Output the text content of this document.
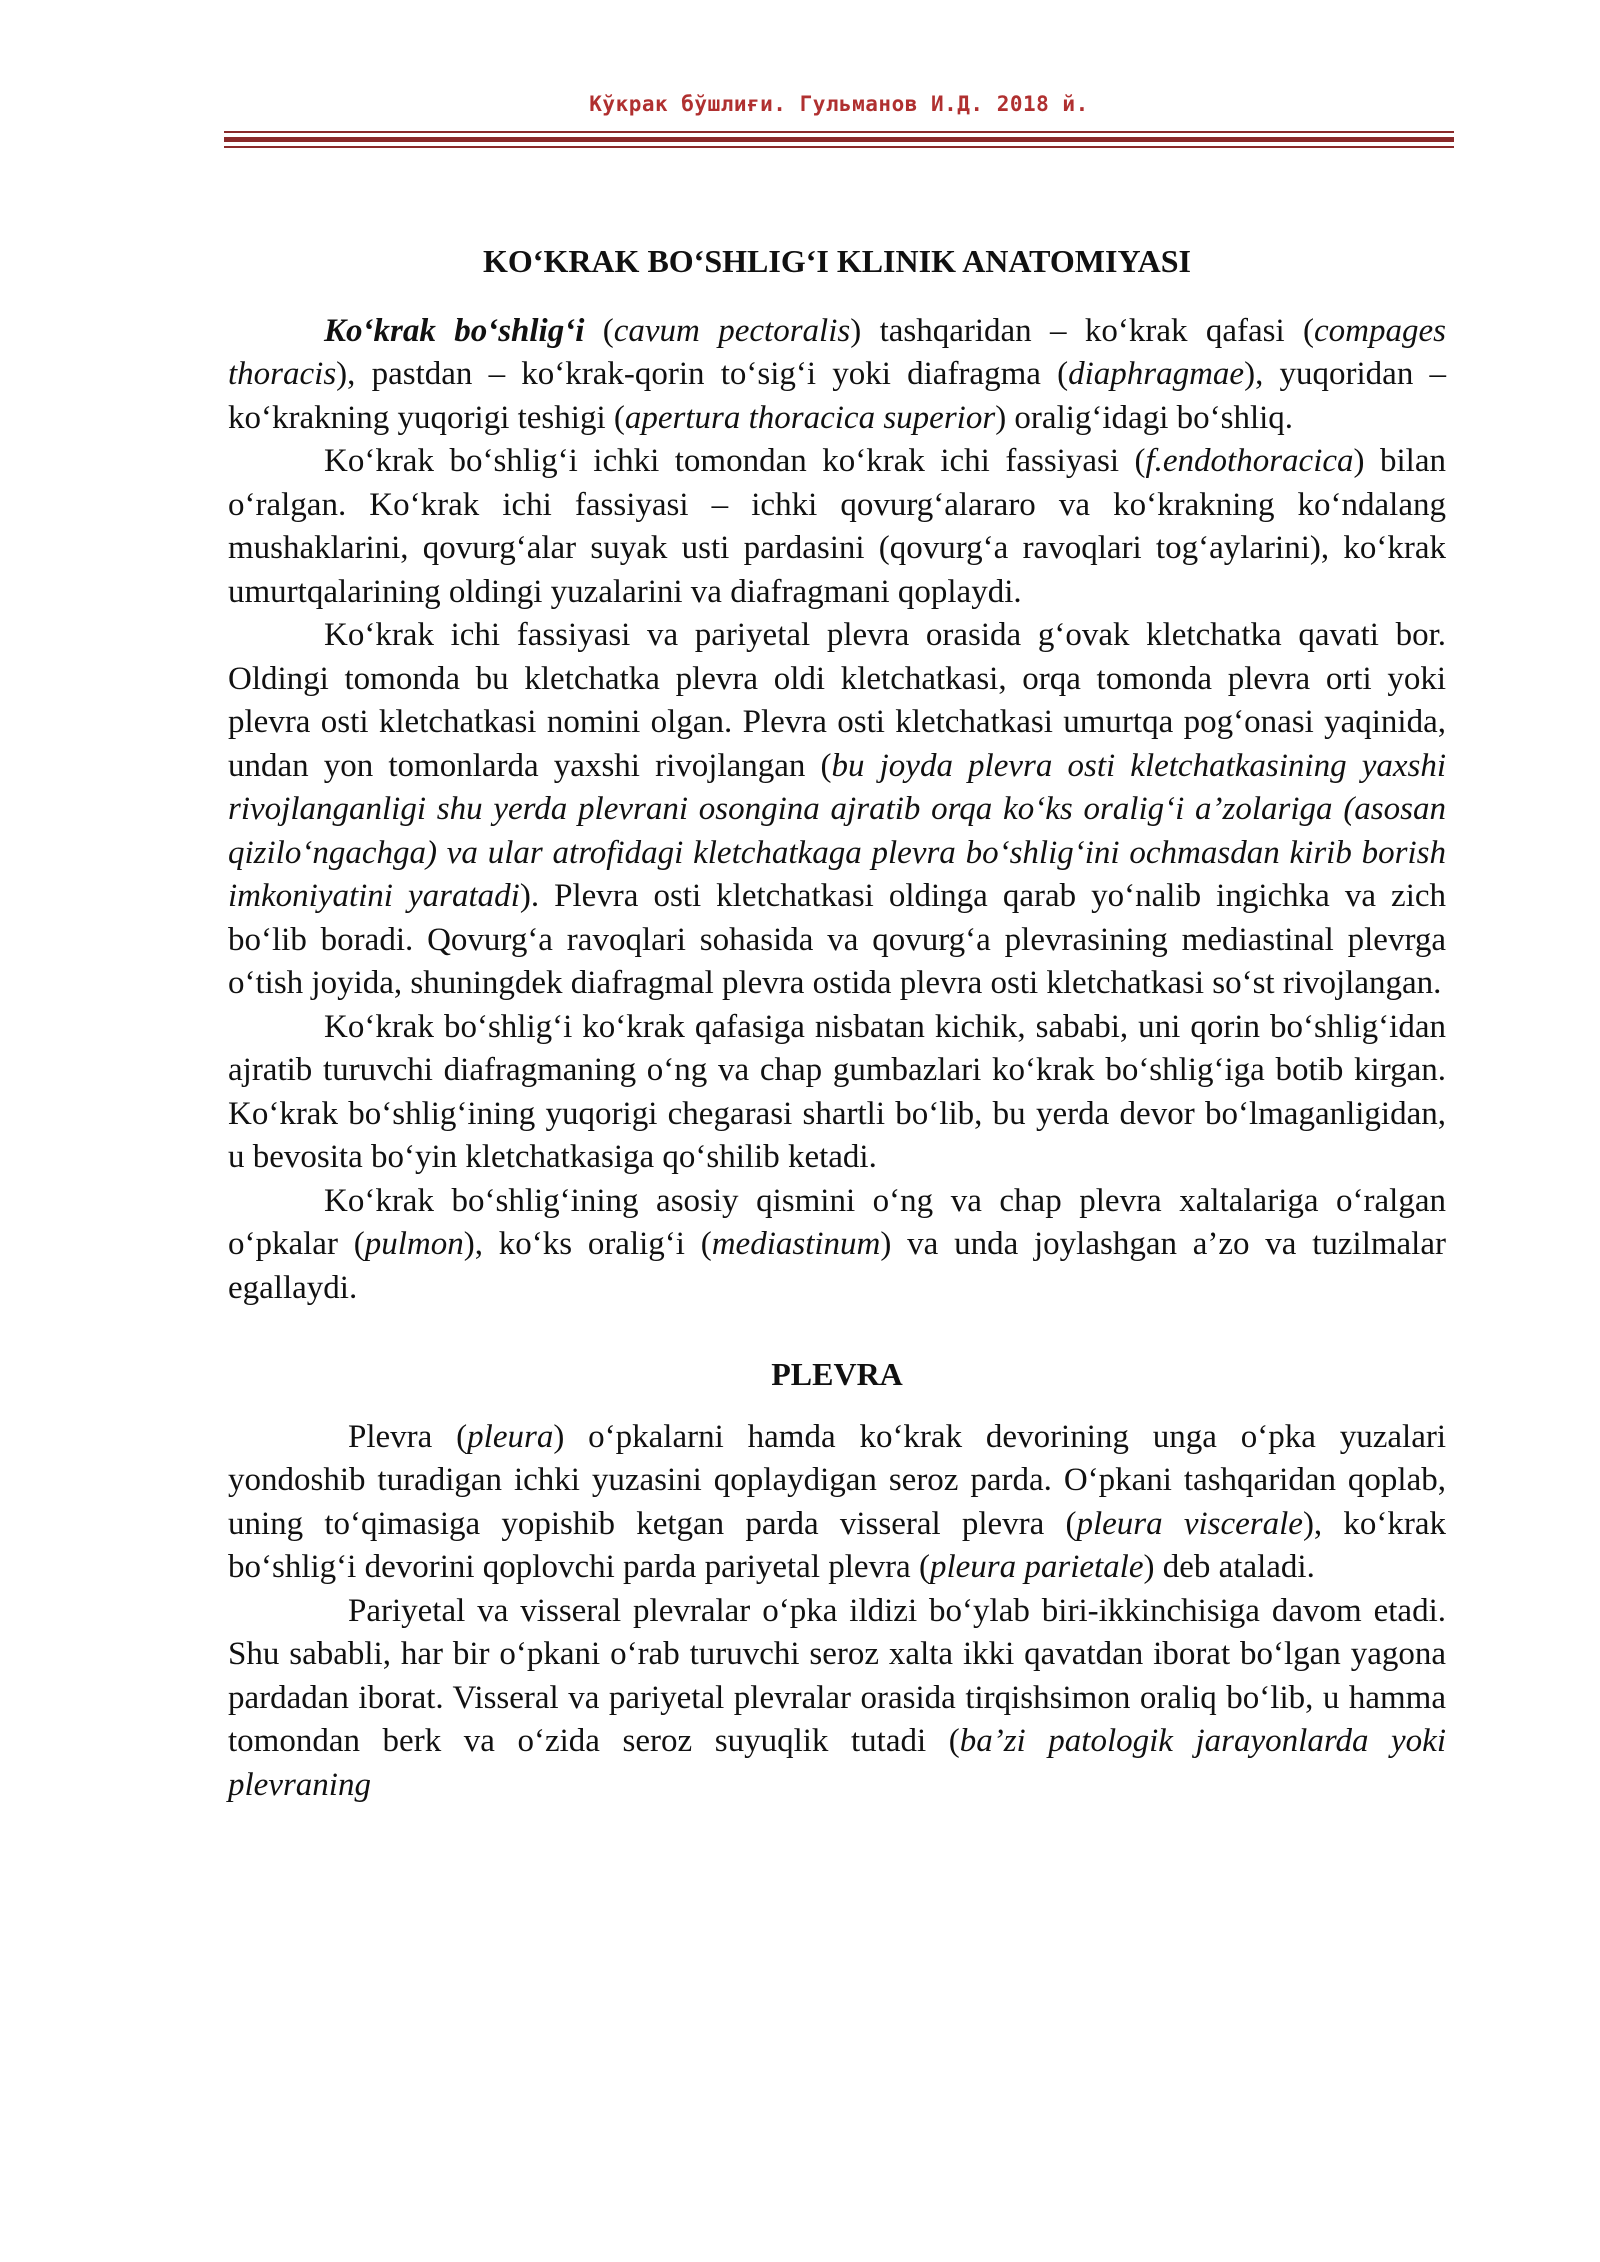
Кўкрак бўшлиғи. Гульманов И.Д. 2018 й.
KO‘KRAK BO‘SHLIG‘I KLINIK ANATOMIYASI

Ko‘krak bo‘shlig‘i (cavum pectoralis) tashqaridan – ko‘krak qafasi (compages thoracis), pastdan – ko‘krak-qorin to‘sig‘i yoki diafragma (diaphragmae), yuqoridan – ko‘krakning yuqorigi teshigi (apertura thoracica superior) oralig‘idagi bo‘shliq.

Ko‘krak bo‘shlig‘i ichki tomondan ko‘krak ichi fassiyasi (f.endothoracica) bilan o‘ralgan. Ko‘krak ichi fassiyasi – ichki qovurg‘alararo va ko‘krakning ko‘ndalang mushaklarini, qovurg‘alar suyak usti pardasini (qovurg‘a ravoqlari tog‘aylarini), ko‘krak umurtqalarining oldingi yuzalarini va diafragmani qoplaydi.

Ko‘krak ichi fassiyasi va pariyetal plevra orasida g‘ovak kletchatka qavati bor. Oldingi tomonda bu kletchatka plevra oldi kletchatkasi, orqa tomonda plevra orti yoki plevra osti kletchatkasi nomini olgan. Plevra osti kletchatkasi umurtqa pog‘onasi yaqinida, undan yon tomonlarda yaxshi rivojlangan (bu joyda plevra osti kletchatkasining yaxshi rivojlanganligi shu yerda plevrani osongina ajratib orqa ko‘ks oralig‘i a’zolariga (asosan qizilo‘ngachga) va ular atrofidagi kletchatkaga plevra bo‘shlig‘ini ochmasdan kirib borish imkoniyatini yaratadi). Plevra osti kletchatkasi oldinga qarab yo‘nalib ingichka va zich bo‘lib boradi. Qovurg‘a ravoqlari sohasida va qovurg‘a plevrasining mediastinal plevrga o‘tish joyida, shuningdek diafragmal plevra ostida plevra osti kletchatkasi so‘st rivojlangan.

Ko‘krak bo‘shlig‘i ko‘krak qafasiga nisbatan kichik, sababi, uni qorin bo‘shlig‘idan ajratib turuvchi diafragmaning o‘ng va chap gumbazlari ko‘krak bo‘shlig‘iga botib kirgan. Ko‘krak bo‘shlig‘ining yuqorigi chegarasi shartli bo‘lib, bu yerda devor bo‘lmaganligidan, u bevosita bo‘yin kletchatkasiga qo‘shilib ketadi.

Ko‘krak bo‘shlig‘ining asosiy qismini o‘ng va chap plevra xaltalariga o‘ralgan o‘pkalar (pulmon), ko‘ks oralig‘i (mediastinum) va unda joylashgan a’zo va tuzilmalar egallaydi.

PLEVRA

Plevra (pleura) o‘pkalarni hamda ko‘krak devorining unga o‘pka yuzalari yondoshib turadigan ichki yuzasini qoplaydigan seroz parda. O‘pkani tashqaridan qoplab, uning to‘qimasiga yopishib ketgan parda visseral plevra (pleura viscerale), ko‘krak bo‘shlig‘i devorini qoplovchi parda pariyetal plevra (pleura parietale) deb ataladi.

Pariyetal va visseral plevralar o‘pka ildizi bo‘ylab biri-ikkinchisiga davom etadi. Shu sababli, har bir o‘pkani o‘rab turuvchi seroz xalta ikki qavatdan iborat bo‘lgan yagona pardadan iborat. Visseral va pariyetal plevralar orasida tirqishsimon oraliq bo‘lib, u hamma tomondan berk va o‘zida seroz suyuqlik tutadi (ba’zi patologik jarayonlarda yoki plevraning
